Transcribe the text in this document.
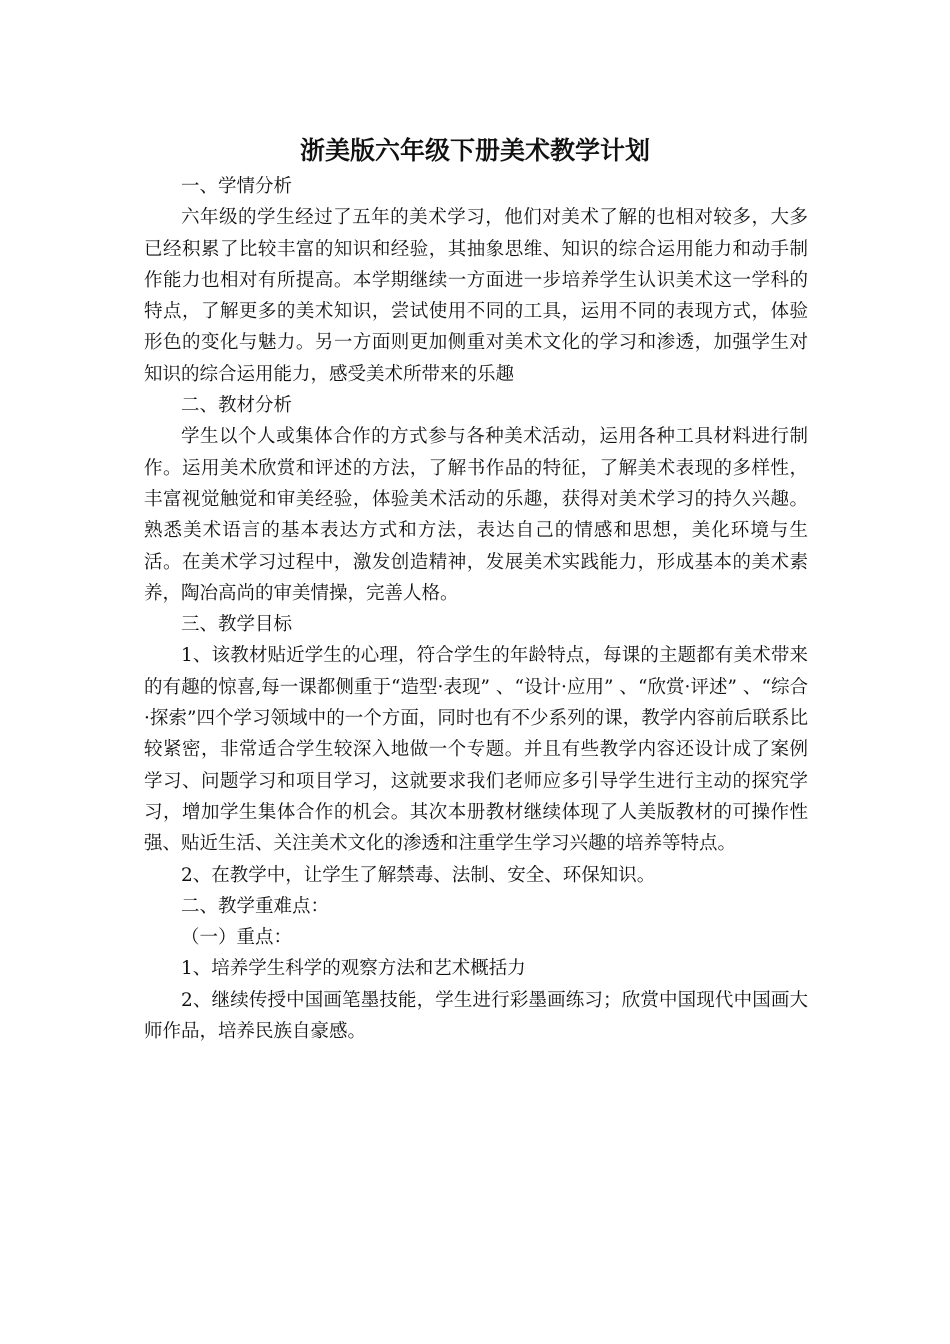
浙美版六年级下册美术教学计划

一、学情分析

六年级的学生经过了五年的美术学习，他们对美术了解的也相对较多，大多已经积累了比较丰富的知识和经验，其抽象思维、知识的综合运用能力和动手制作能力也相对有所提高。本学期继续一方面进一步培养学生认识美术这一学科的特点，了解更多的美术知识，尝试使用不同的工具，运用不同的表现方式，体验形色的变化与魅力。另一方面则更加侧重对美术文化的学习和渗透，加强学生对知识的综合运用能力，感受美术所带来的乐趣

二、教材分析

学生以个人或集体合作的方式参与各种美术活动，运用各种工具材料进行制作。运用美术欣赏和评述的方法，了解书作品的特征，了解美术表现的多样性，丰富视觉触觉和审美经验，体验美术活动的乐趣，获得对美术学习的持久兴趣。熟悉美术语言的基本表达方式和方法，表达自己的情感和思想，美化环境与生活。在美术学习过程中，激发创造精神，发展美术实践能力，形成基本的美术素养，陶冶高尚的审美情操，完善人格。

三、教学目标

1、该教材贴近学生的心理，符合学生的年龄特点，每课的主题都有美术带来的有趣的惊喜,每一课都侧重于“造型·表现” 、“设计·应用” 、“欣赏·评述” 、“综合·探索”四个学习领域中的一个方面，同时也有不少系列的课，教学内容前后联系比较紧密，非常适合学生较深入地做一个专题。并且有些教学内容还设计成了案例学习、问题学习和项目学习，这就要求我们老师应多引导学生进行主动的探究学习，增加学生集体合作的机会。其次本册教材继续体现了人美版教材的可操作性强、贴近生活、关注美术文化的渗透和注重学生学习兴趣的培养等特点。

2、在教学中，让学生了解禁毒、法制、安全、环保知识。

二、教学重难点：

（一）重点：

1、培养学生科学的观察方法和艺术概括力

2、继续传授中国画笔墨技能，学生进行彩墨画练习；欣赏中国现代中国画大师作品，培养民族自豪感。
